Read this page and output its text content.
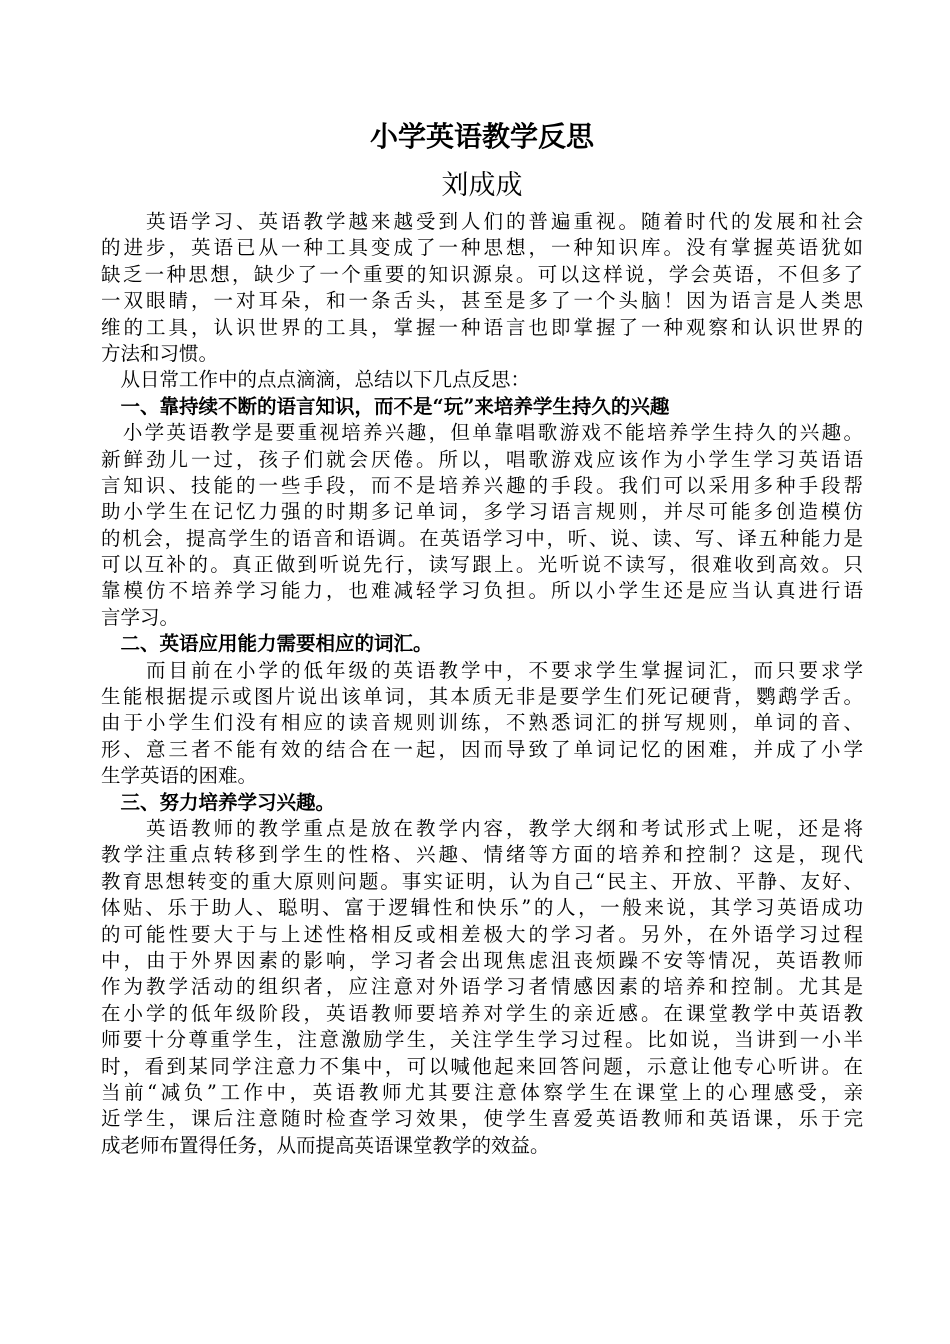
小学英语教学反思
刘成成
　　英语学习、英语教学越来越受到人们的普遍重视。随着时代的发展和社会
的进步，英语已从一种工具变成了一种思想，一种知识库。没有掌握英语犹如
缺乏一种思想，缺少了一个重要的知识源泉。可以这样说，学会英语，不但多了
一双眼睛，一对耳朵，和一条舌头，甚至是多了一个头脑！因为语言是人类思
维的工具，认识世界的工具，掌握一种语言也即掌握了一种观察和认识世界的
方法和习惯。
　从日常工作中的点点滴滴，总结以下几点反思：
　一、靠持续不断的语言知识，而不是“玩”来培养学生持久的兴趣
　小学英语教学是要重视培养兴趣，但单靠唱歌游戏不能培养学生持久的兴趣。
新鲜劲儿一过，孩子们就会厌倦。所以，唱歌游戏应该作为小学生学习英语语
言知识、技能的一些手段，而不是培养兴趣的手段。我们可以采用多种手段帮
助小学生在记忆力强的时期多记单词，多学习语言规则，并尽可能多创造模仿
的机会，提高学生的语音和语调。在英语学习中，听、说、读、写、译五种能力是
可以互补的。真正做到听说先行，读写跟上。光听说不读写，很难收到高效。只
靠模仿不培养学习能力，也难减轻学习负担。所以小学生还是应当认真进行语
言学习。
　二、英语应用能力需要相应的词汇。
　　而目前在小学的低年级的英语教学中，不要求学生掌握词汇，而只要求学
生能根据提示或图片说出该单词，其本质无非是要学生们死记硬背，鹦鹉学舌。
由于小学生们没有相应的读音规则训练，不熟悉词汇的拼写规则，单词的音、
形、意三者不能有效的结合在一起，因而导致了单词记忆的困难，并成了小学
生学英语的困难。
　三、努力培养学习兴趣。
　　英语教师的教学重点是放在教学内容，教学大纲和考试形式上呢，还是将
教学注重点转移到学生的性格、兴趣、情绪等方面的培养和控制？这是，现代
教育思想转变的重大原则问题。事实证明，认为自己“民主、开放、平静、友好、
体贴、乐于助人、聪明、富于逻辑性和快乐”的人，一般来说，其学习英语成功
的可能性要大于与上述性格相反或相差极大的学习者。另外，在外语学习过程
中，由于外界因素的影响，学习者会出现焦虑沮丧烦躁不安等情况，英语教师
作为教学活动的组织者，应注意对外语学习者情感因素的培养和控制。尤其是
在小学的低年级阶段，英语教师要培养对学生的亲近感。在课堂教学中英语教
师要十分尊重学生，注意激励学生，关注学生学习过程。比如说，当讲到一小半
时，看到某同学注意力不集中，可以喊他起来回答问题，示意让他专心听讲。在
当前“减负”工作中，英语教师尤其要注意体察学生在课堂上的心理感受，亲
近学生，课后注意随时检查学习效果，使学生喜爱英语教师和英语课，乐于完
成老师布置得任务，从而提高英语课堂教学的效益。
